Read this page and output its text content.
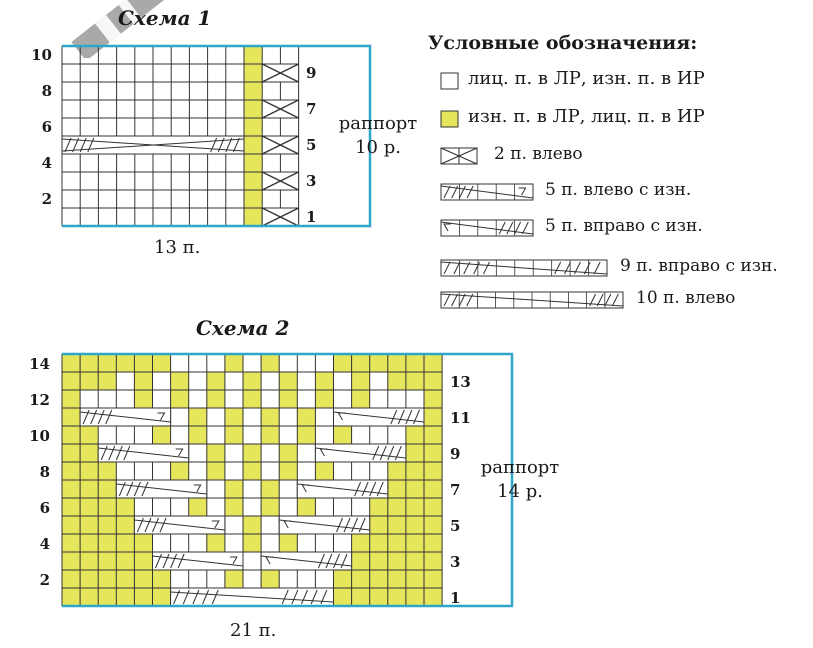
Схема 1
10
8
6
4
2
9
7
5
3
1
раппорт
10 р.
13 п.
Условные обозначения:
лиц. п. в ЛР, изн. п. в ИР
изн. п. в ЛР, лиц. п. в ИР
2 п. влево
5 п. влево с изн.
5 п. вправо с изн.
9 п. вправо с изн.
10 п. влево
Схема 2
14
12
10
8
6
4
2
13
11
9
7
5
3
1
раппорт
14 р.
21 п.
